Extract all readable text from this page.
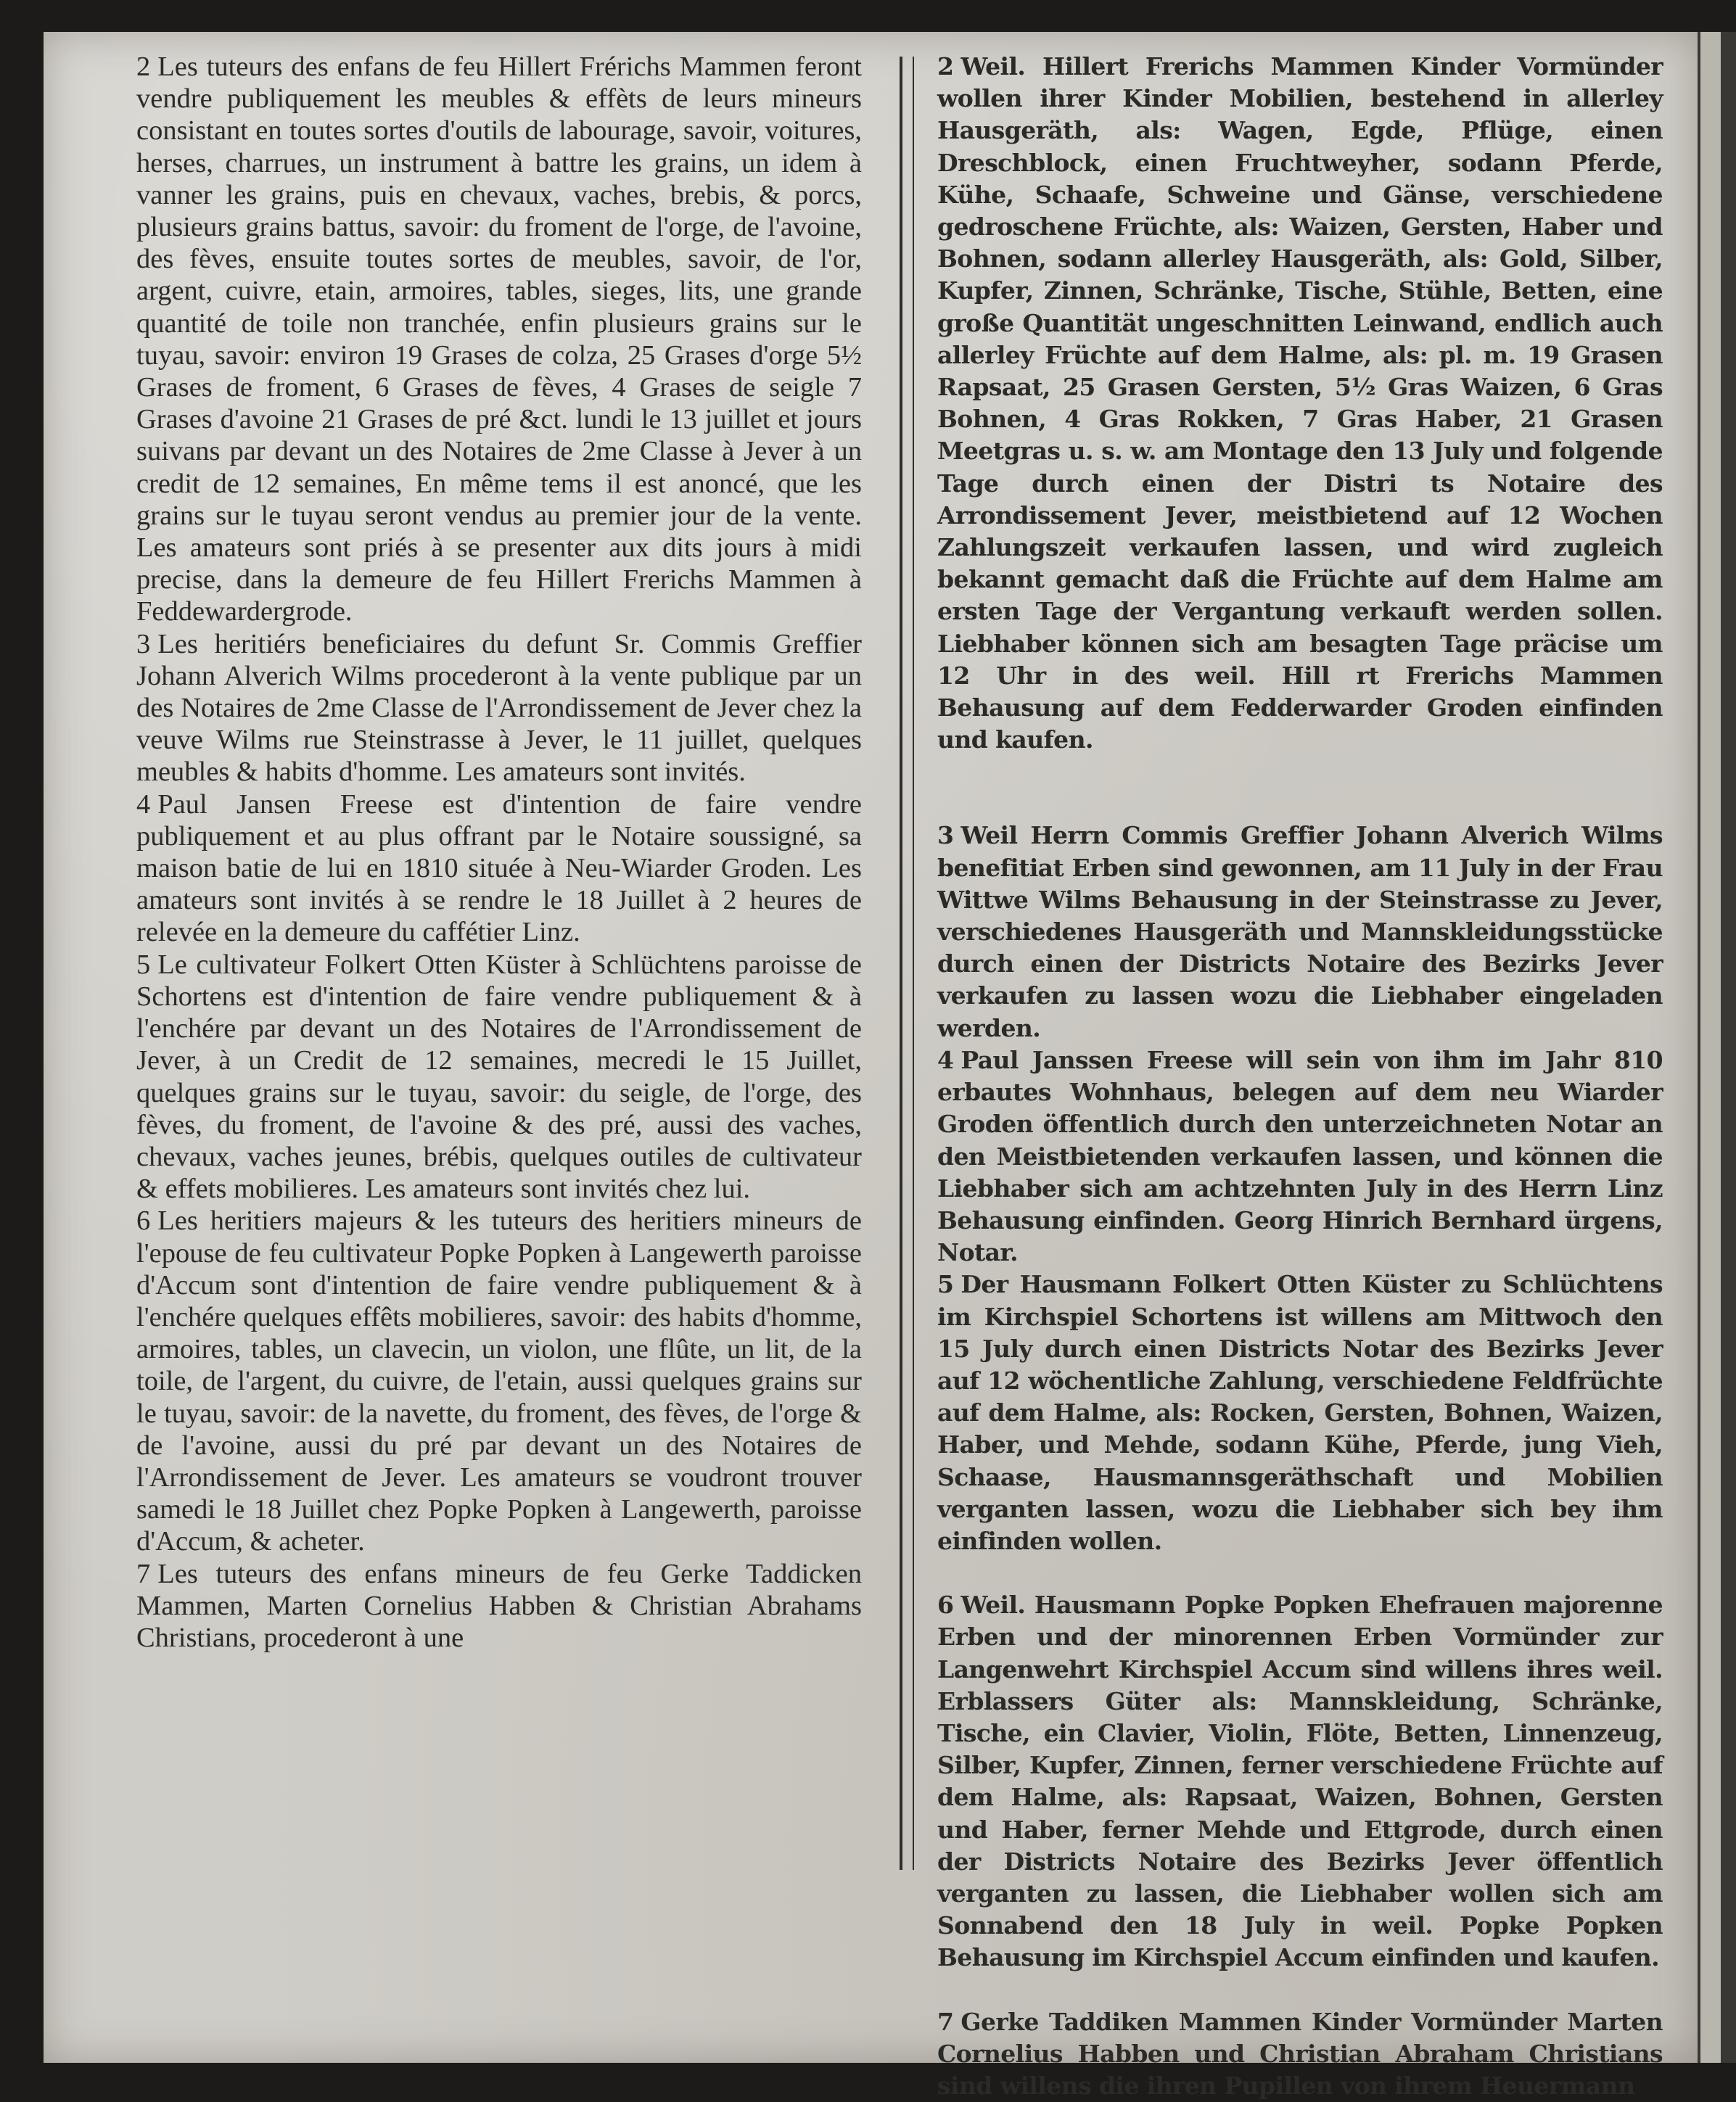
2 Les tuteurs des enfans de feu Hillert Frérichs Mammen feront vendre publiquement les meubles & effèts de leurs mineurs consistant en toutes sortes d'outils de labourage, savoir, voitures, herses, charrues, un instrument à battre les grains, un idem à vanner les grains, puis en chevaux, vaches, brebis, & porcs, plusieurs grains battus, savoir: du froment de l'orge, de l'avoine, des fèves, ensuite toutes sortes de meubles, savoir, de l'or, argent, cuivre, etain, armoires, tables, sieges, lits, une grande quantité de toile non tranchée, enfin plusieurs grains sur le tuyau, savoir: environ 19 Grases de colza, 25 Grases d'orge 5½ Grases de froment, 6 Grases de fèves, 4 Grases de seigle 7 Grases d'avoine 21 Grases de pré &ct. lundi le 13 juillet et jours suivans par devant un des Notaires de 2me Classe à Jever à un credit de 12 semaines, En même tems il est anoncé, que les grains sur le tuyau seront vendus au premier jour de la vente. Les amateurs sont priés à se presenter aux dits jours à midi precise, dans la demeure de feu Hillert Frerichs Mammen à Feddewardergrode.

3 Les heritiérs beneficiaires du defunt Sr. Commis Greffier Johann Alverich Wilms procederont à la vente publique par un des Notaires de 2me Classe de l'Arrondissement de Jever chez la veuve Wilms rue Steinstrasse à Jever, le 11 juillet, quelques meubles & habits d'homme. Les amateurs sont invités.

4 Paul Jansen Freese est d'intention de faire vendre publiquement et au plus offrant par le Notaire soussigné, sa maison batie de lui en 1810 située à Neu-Wiarder Groden. Les amateurs sont invités à se rendre le 18 Juillet à 2 heures de relevée en la demeure du caffétier Linz.

5 Le cultivateur Folkert Otten Küster à Schlüchtens paroisse de Schortens est d'intention de faire vendre publiquement & à l'enchére par devant un des Notaires de l'Arrondissement de Jever, à un Credit de 12 semaines, mecredi le 15 Juillet, quelques grains sur le tuyau, savoir: du seigle, de l'orge, des fèves, du froment, de l'avoine & des pré, aussi des vaches, chevaux, vaches jeunes, brébis, quelques outiles de cultivateur & effets mobilieres. Les amateurs sont invités chez lui.

6 Les heritiers majeurs & les tuteurs des heritiers mineurs de l'epouse de feu cultivateur Popke Popken à Langewerth paroisse d'Accum sont d'intention de faire vendre publiquement & à l'enchére quelques effêts mobilieres, savoir: des habits d'homme, armoires, tables, un clavecin, un violon, une flûte, un lit, de la toile, de l'argent, du cuivre, de l'etain, aussi quelques grains sur le tuyau, savoir: de la navette, du froment, des fèves, de l'orge & de l'avoine, aussi du pré par devant un des Notaires de l'Arrondissement de Jever. Les amateurs se voudront trouver samedi le 18 Juillet chez Popke Popken à Langewerth, paroisse d'Accum, & acheter.

7 Les tuteurs des enfans mineurs de feu Gerke Taddicken Mammen, Marten Cornelius Habben & Christian Abrahams Christians, procederont à une

2 Weil. Hillert Frerichs Mammen Kinder Vormünder wollen ihrer Kinder Mobilien, bestehend in allerley Hausgeräth, als: Wagen, Egde, Pflüge, einen Dreschblock, einen Fruchtweyher, sodann Pferde, Kühe, Schaafe, Schweine und Gänse, verschiedene gedroschene Früchte, als: Waizen, Gersten, Haber und Bohnen, sodann allerley Hausgeräth, als: Gold, Silber, Kupfer, Zinnen, Schränke, Tische, Stühle, Betten, eine große Quantität ungeschnitten Leinwand, endlich auch allerley Früchte auf dem Halme, als: pl. m. 19 Grasen Rapsaat, 25 Grasen Gersten, 5½ Gras Waizen, 6 Gras Bohnen, 4 Gras Rokken, 7 Gras Haber, 21 Grasen Meetgras u. s. w. am Montage den 13 July und folgende Tage durch einen der Distri ts Notaire des Arrondissement Jever, meistbietend auf 12 Wochen Zahlungszeit verkaufen lassen, und wird zugleich bekannt gemacht daß die Früchte auf dem Halme am ersten Tage der Vergantung verkauft werden sollen. Liebhaber können sich am besagten Tage präcise um 12 Uhr in des weil. Hill rt Frerichs Mammen Behausung auf dem Fedderwarder Groden einfinden und kaufen.

3 Weil Herrn Commis Greffier Johann Alverich Wilms benefitiat Erben sind gewonnen, am 11 July in der Frau Wittwe Wilms Behausung in der Steinstrasse zu Jever, verschiedenes Hausgeräth und Mannskleidungsstücke durch einen der Districts Notaire des Bezirks Jever verkaufen zu lassen wozu die Liebhaber eingeladen werden.

4 Paul Janssen Freese will sein von ihm im Jahr 810 erbautes Wohnhaus, belegen auf dem neu Wiarder Groden öffentlich durch den unterzeichneten Notar an den Meistbietenden verkaufen lassen, und können die Liebhaber sich am achtzehnten July in des Herrn Linz Behausung einfinden. Georg Hinrich Bernhard ürgens, Notar.

5 Der Hausmann Folkert Otten Küster zu Schlüchtens im Kirchspiel Schortens ist willens am Mittwoch den 15 July durch einen Districts Notar des Bezirks Jever auf 12 wöchentliche Zahlung, verschiedene Feldfrüchte auf dem Halme, als: Rocken, Gersten, Bohnen, Waizen, Haber, und Mehde, sodann Kühe, Pferde, jung Vieh, Schaase, Hausmannsgeräthschaft und Mobilien verganten lassen, wozu die Liebhaber sich bey ihm einfinden wollen.

6 Weil. Hausmann Popke Popken Ehefrauen majorenne Erben und der minorennen Erben Vormünder zur Langenwehrt Kirchspiel Accum sind willens ihres weil. Erblassers Güter als: Mannskleidung, Schränke, Tische, ein Clavier, Violin, Flöte, Betten, Linnenzeug, Silber, Kupfer, Zinnen, ferner verschiedene Früchte auf dem Halme, als: Rapsaat, Waizen, Bohnen, Gersten und Haber, ferner Mehde und Ettgrode, durch einen der Districts Notaire des Bezirks Jever öffentlich verganten zu lassen, die Liebhaber wollen sich am Sonnabend den 18 July in weil. Popke Popken Behausung im Kirchspiel Accum einfinden und kaufen.

7 Gerke Taddiken Mammen Kinder Vormünder Marten Cornelius Habben und Christian Abraham Christians sind willens die ihren Pupillen von ihrem Heuermann
